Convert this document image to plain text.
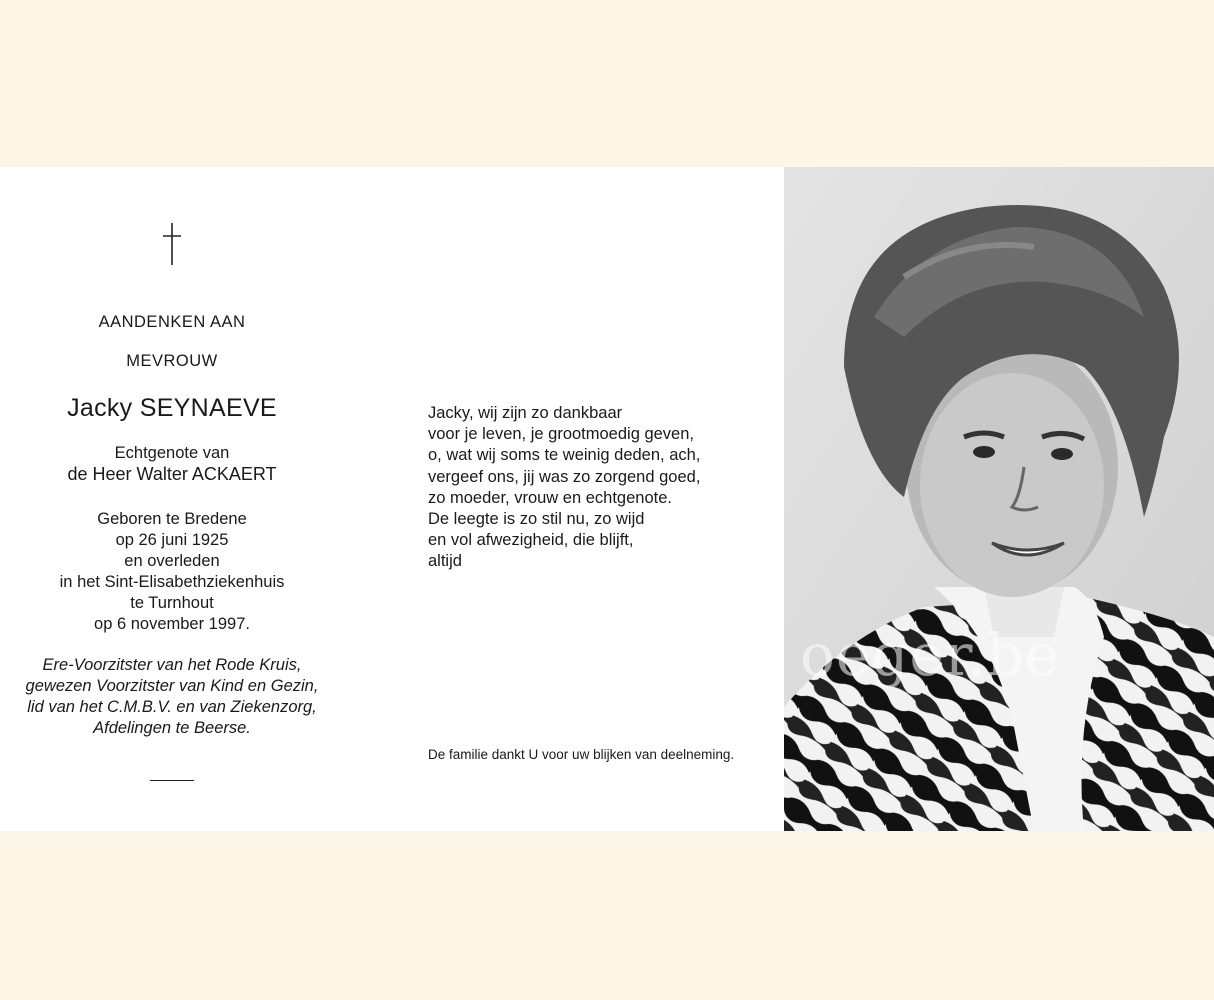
AANDENKEN AAN
MEVROUW
Jacky SEYNAEVE
Echtgenote van
de Heer Walter ACKAERT
Geboren te Bredene
op 26 juni 1925
en overleden
in het Sint-Elisabethziekenhuis
te Turnhout
op 6 november 1997.
Ere-Voorzitster van het Rode Kruis,
gewezen Voorzitster van Kind en Gezin,
lid van het C.M.B.V. en van Ziekenzorg,
Afdelingen te Beerse.
Jacky, wij zijn zo dankbaar
voor je leven, je grootmoedig geven,
o, wat wij soms te weinig deden, ach,
vergeef ons, jij was zo zorgend goed,
zo moeder, vrouw en echtgenote.
De leegte is zo stil nu, zo wijd
en vol afwezigheid, die blijft,
altijd
De familie dankt U voor uw blijken van deelneming.
oeger.be
